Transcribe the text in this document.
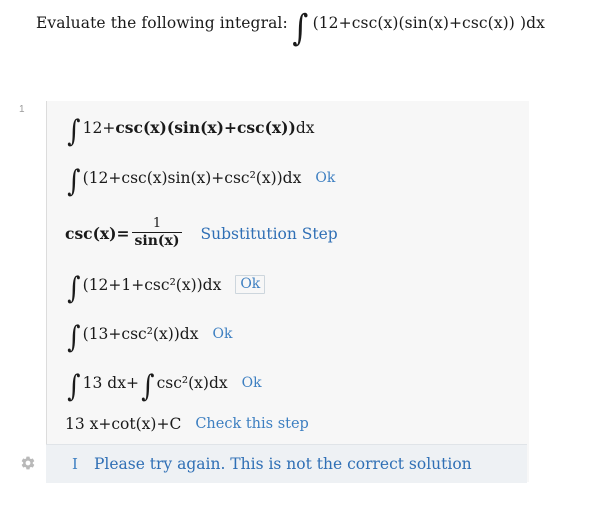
Evaluate the following integral: ∫ (12+csc(x)(sin(x)+csc(x)) )dx
1
∫ 12+ csc(x)(sin(x)+csc(x)) dx
∫ (12+csc(x)sin(x)+csc²(x))dx Ok
$\csc(x)= \frac{1}{\sin(x)}$ Substitution Step
∫ (12+1+csc²(x))dx	Ok
∫ (13+csc²(x))dx Ok
∫ 13 dx+ ∫ csc²(x)dx Ok
13 x+cot(x)+C Check this step
I Please try again. This is not the correct solution
